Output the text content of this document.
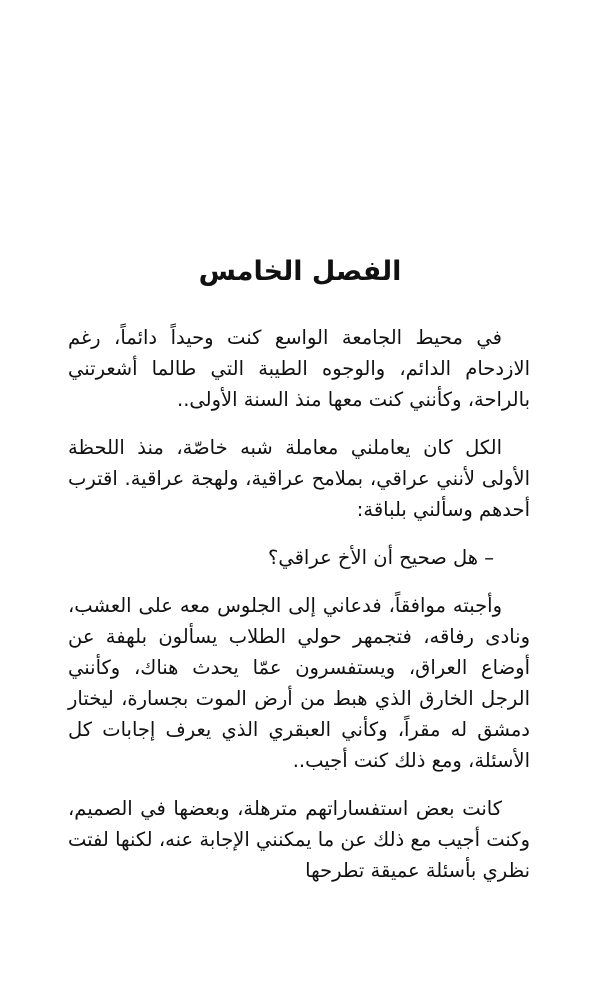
الفصل الخامس

في محيط الجامعة الواسع كنت وحيداً دائماً، رغم الازدحام الدائم، والوجوه الطيبة التي طالما أشعرتني بالراحة، وكأنني كنت معها منذ السنة الأولى..

الكل كان يعاملني معاملة شبه خاصّة، منذ اللحظة الأولى لأنني عراقي، بملامح عراقية، ولهجة عراقية. اقترب أحدهم وسألني بلباقة:

– هل صحيح أن الأخ عراقي؟

وأجبته موافقاً، فدعاني إلى الجلوس معه على العشب، ونادى رفاقه، فتجمهر حولي الطلاب يسألون بلهفة عن أوضاع العراق، ويستفسرون عمّا يحدث هناك، وكأنني الرجل الخارق الذي هبط من أرض الموت بجسارة، ليختار دمشق له مقراً، وكأني العبقري الذي يعرف إجابات كل الأسئلة، ومع ذلك كنت أجيب..

كانت بعض استفساراتهم مترهلة، وبعضها في الصميم، وكنت أجيب مع ذلك عن ما يمكنني الإجابة عنه، لكنها لفتت نظري بأسئلة عميقة تطرحها
